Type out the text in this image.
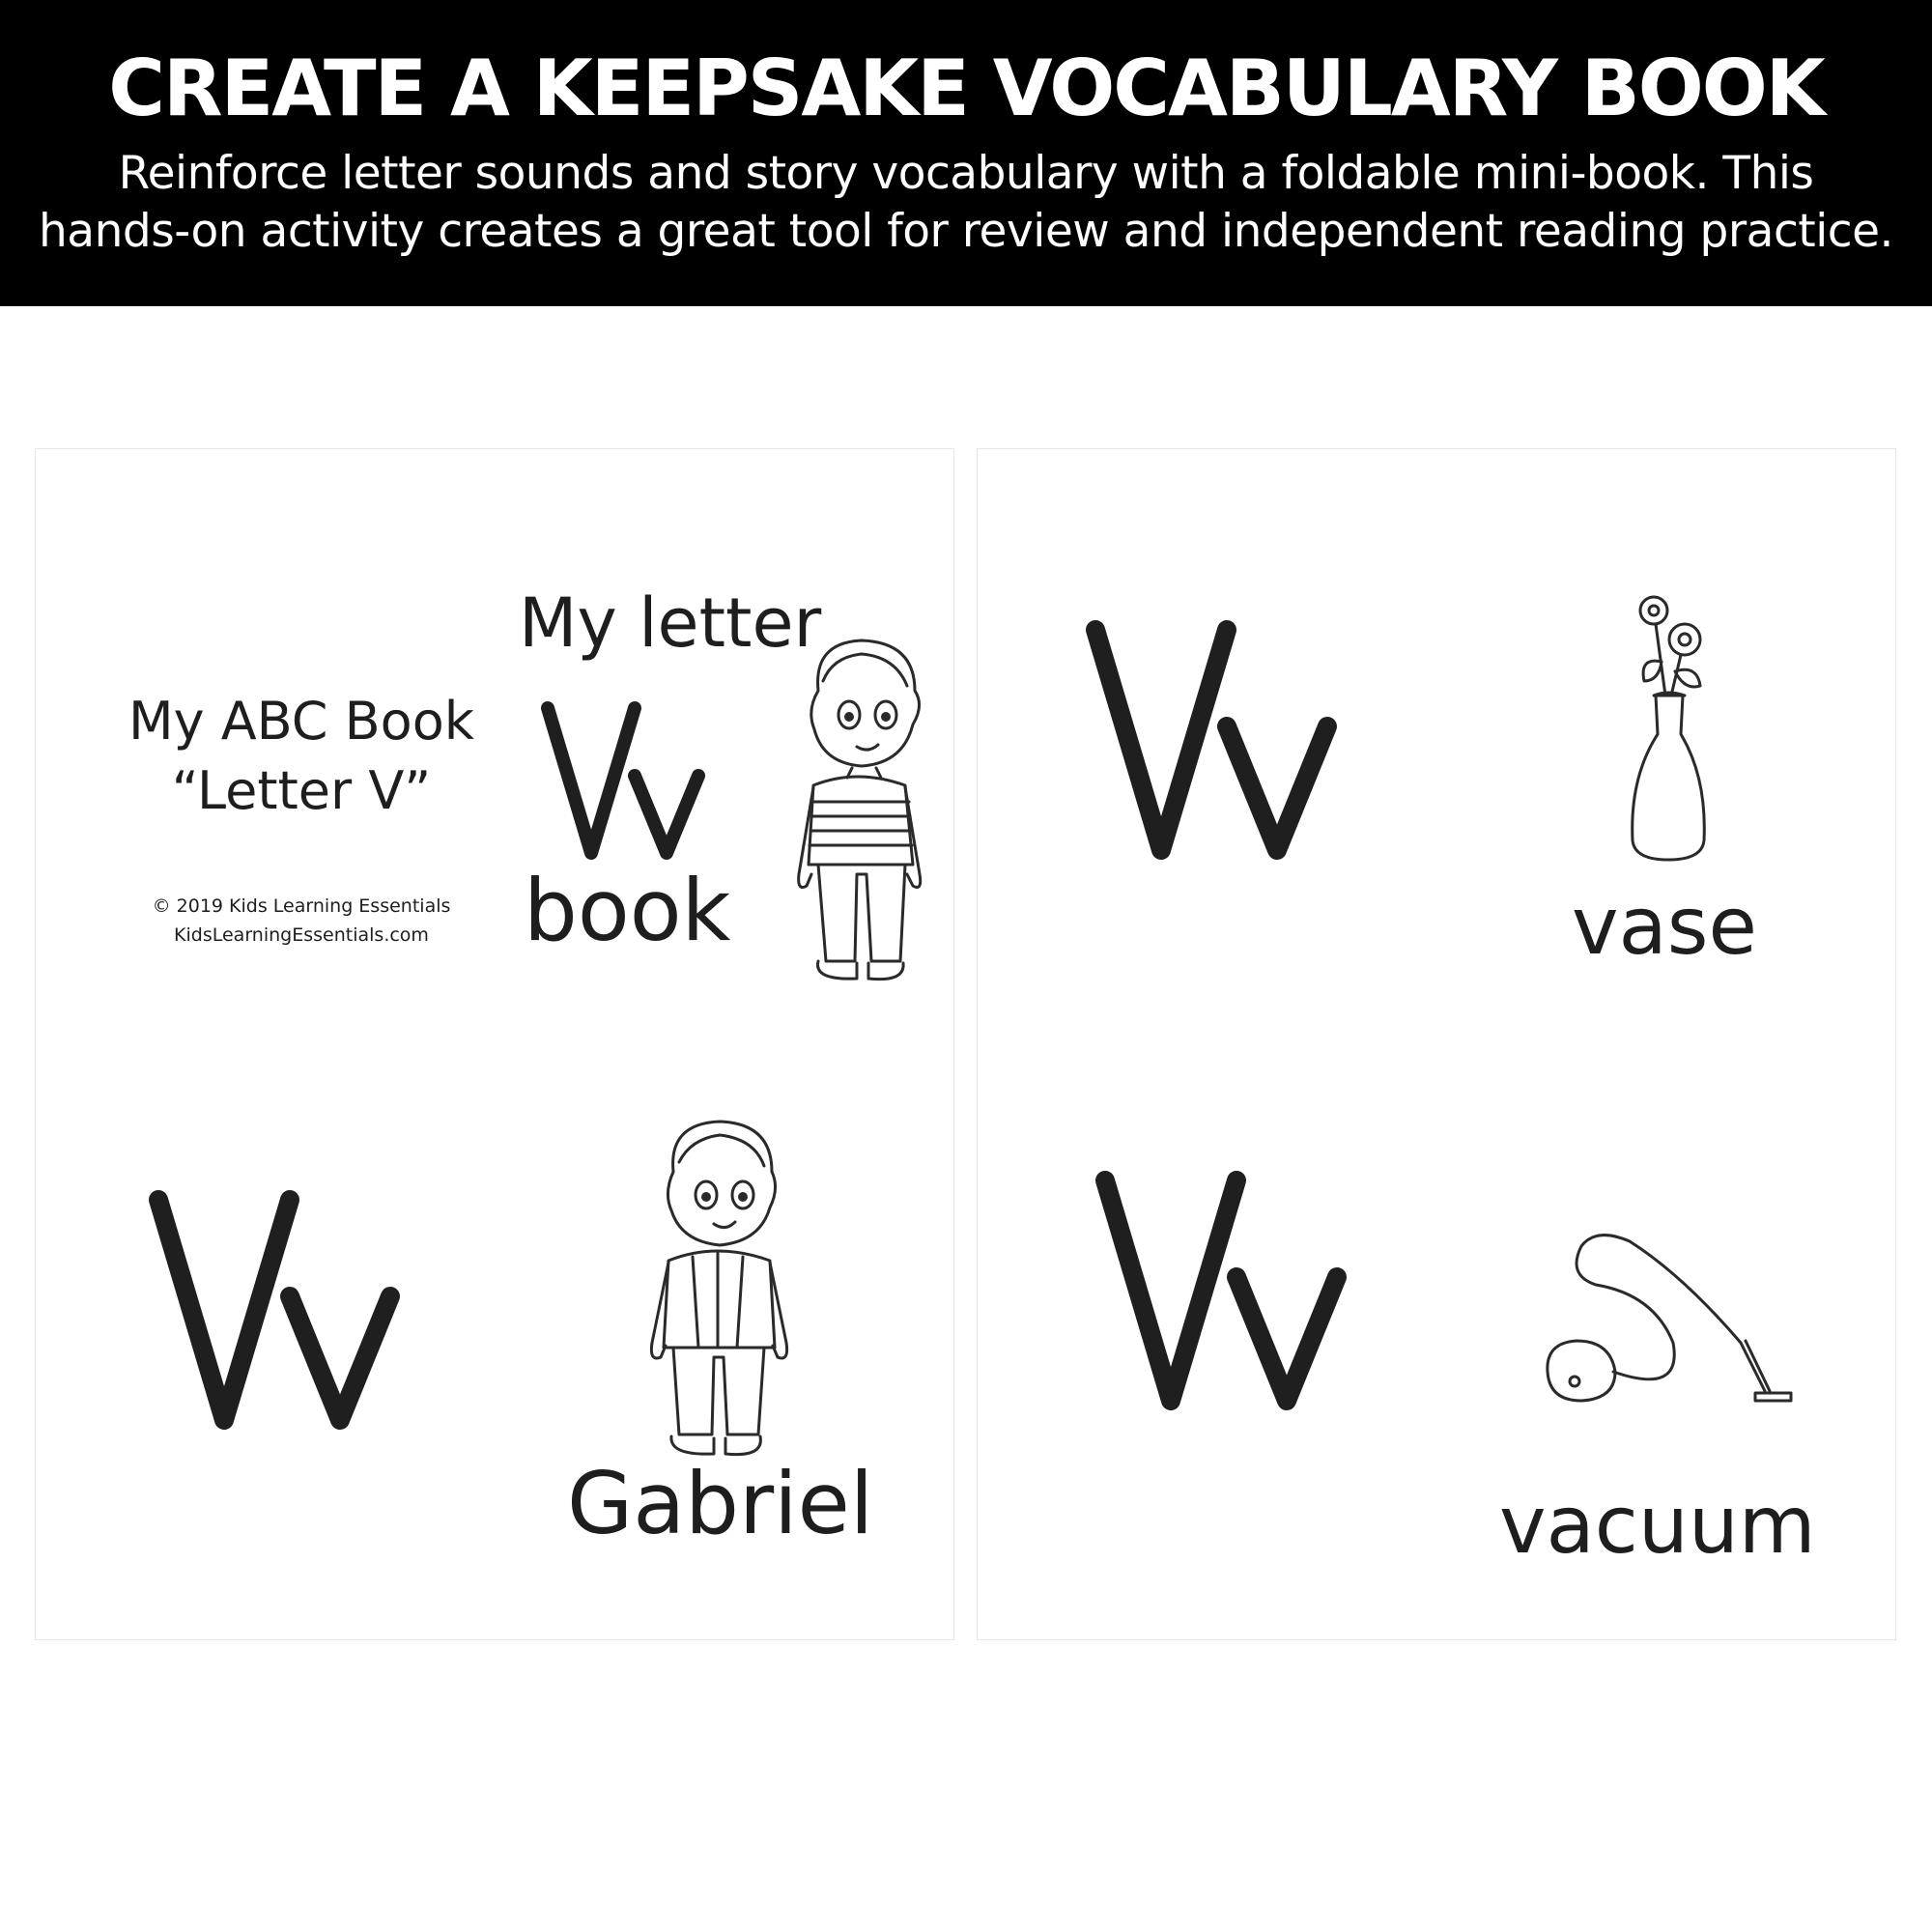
CREATE A KEEPSAKE VOCABULARY BOOK
Reinforce letter sounds and story vocabulary with a foldable mini-book. This
hands-on activity creates a great tool for review and independent reading practice.
My ABC Book
“Letter V”
© 2019 Kids Learning Essentials
KidsLearningEssentials.com
My letter
book
Gabriel
vase
vacuum
